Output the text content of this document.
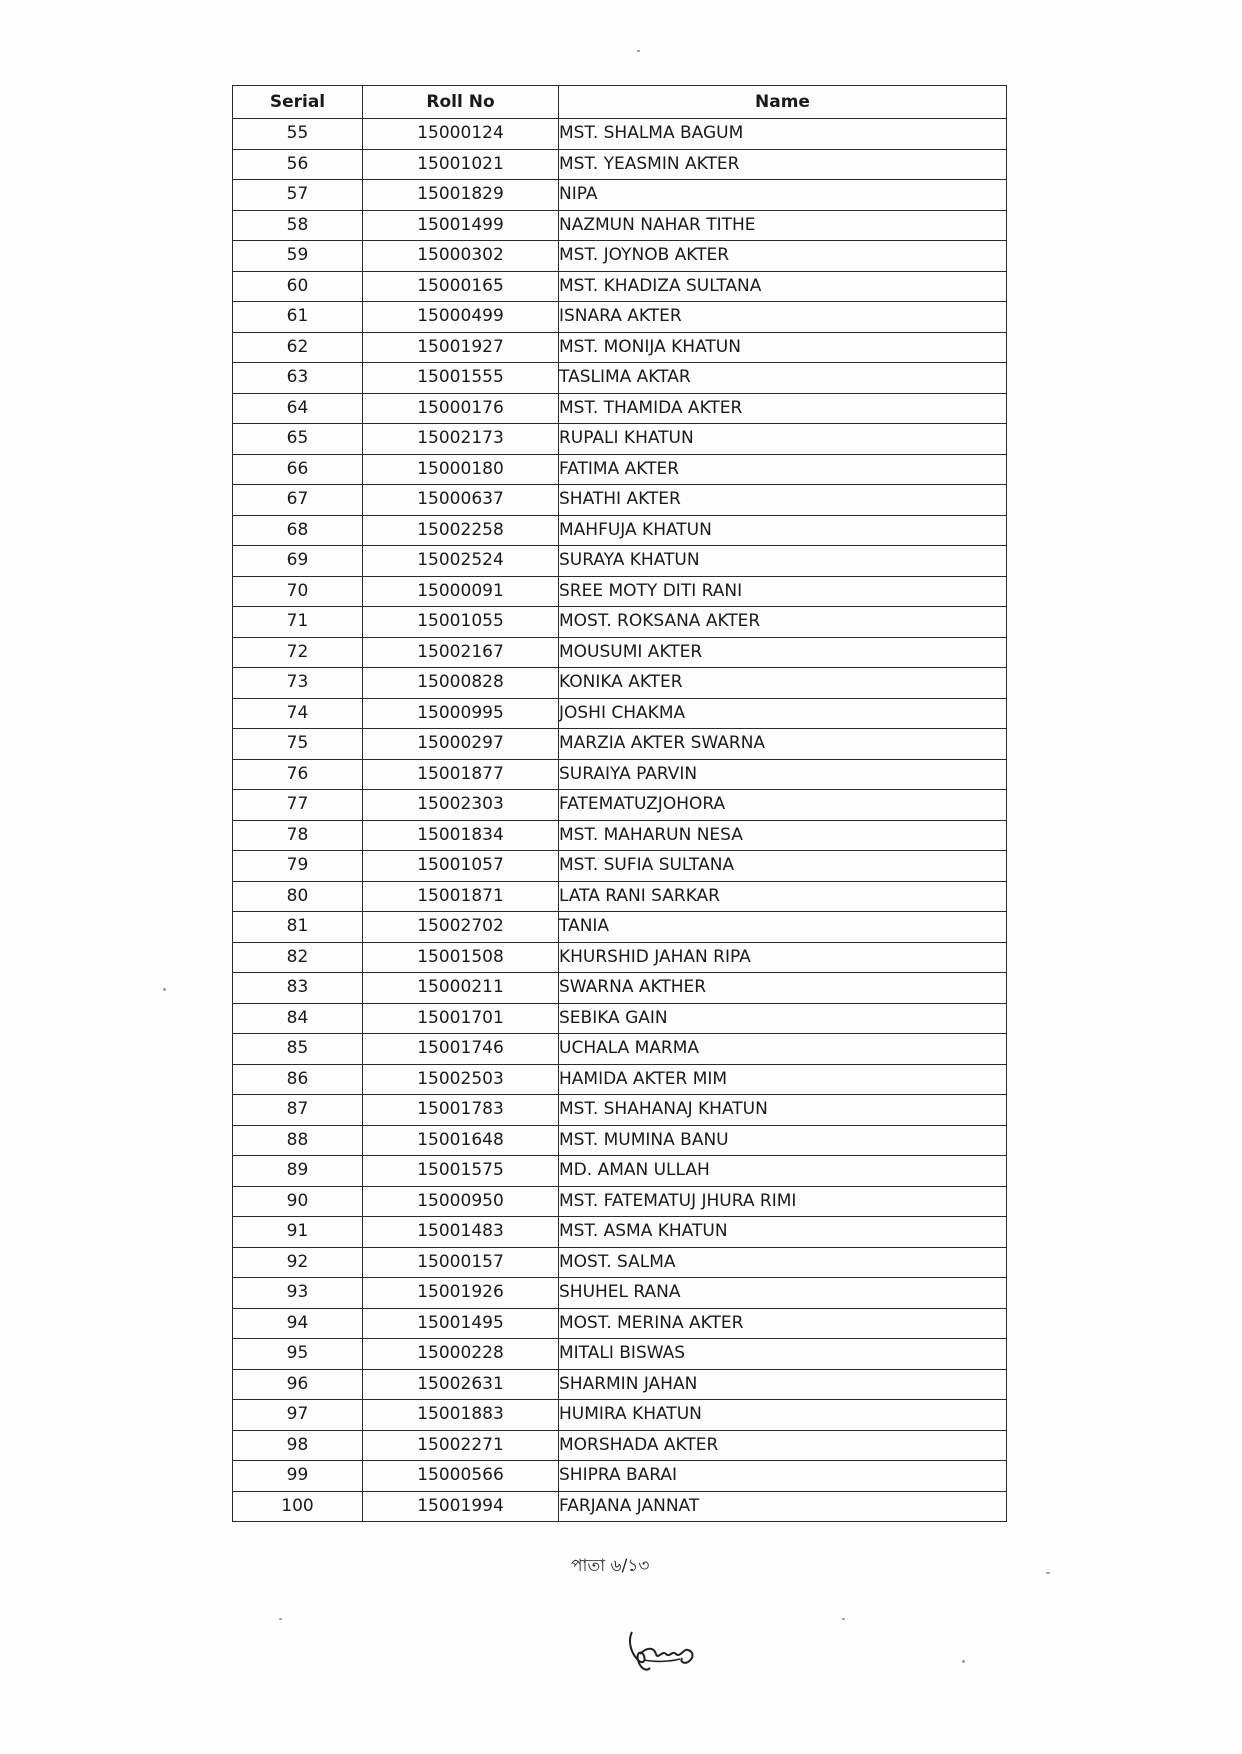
Serial	Roll No	Name
55	15000124	MST. SHALMA BAGUM
56	15001021	MST. YEASMIN AKTER
57	15001829	NIPA
58	15001499	NAZMUN NAHAR TITHE
59	15000302	MST. JOYNOB AKTER
60	15000165	MST. KHADIZA SULTANA
61	15000499	ISNARA AKTER
62	15001927	MST. MONIJA KHATUN
63	15001555	TASLIMA AKTAR
64	15000176	MST. THAMIDA AKTER
65	15002173	RUPALI KHATUN
66	15000180	FATIMA AKTER
67	15000637	SHATHI AKTER
68	15002258	MAHFUJA KHATUN
69	15002524	SURAYA KHATUN
70	15000091	SREE MOTY DITI RANI
71	15001055	MOST. ROKSANA AKTER
72	15002167	MOUSUMI AKTER
73	15000828	KONIKA AKTER
74	15000995	JOSHI CHAKMA
75	15000297	MARZIA AKTER SWARNA
76	15001877	SURAIYA PARVIN
77	15002303	FATEMATUZJOHORA
78	15001834	MST. MAHARUN NESA
79	15001057	MST. SUFIA SULTANA
80	15001871	LATA RANI SARKAR
81	15002702	TANIA
82	15001508	KHURSHID JAHAN RIPA
83	15000211	SWARNA AKTHER
84	15001701	SEBIKA GAIN
85	15001746	UCHALA MARMA
86	15002503	HAMIDA AKTER MIM
87	15001783	MST. SHAHANAJ KHATUN
88	15001648	MST. MUMINA BANU
89	15001575	MD. AMAN ULLAH
90	15000950	MST. FATEMATUJ JHURA RIMI
91	15001483	MST. ASMA KHATUN
92	15000157	MOST. SALMA
93	15001926	SHUHEL RANA
94	15001495	MOST. MERINA AKTER
95	15000228	MITALI BISWAS
96	15002631	SHARMIN JAHAN
97	15001883	HUMIRA KHATUN
98	15002271	MORSHADA AKTER
99	15000566	SHIPRA BARAI
100	15001994	FARJANA JANNAT
পাতা ৬/১৩
